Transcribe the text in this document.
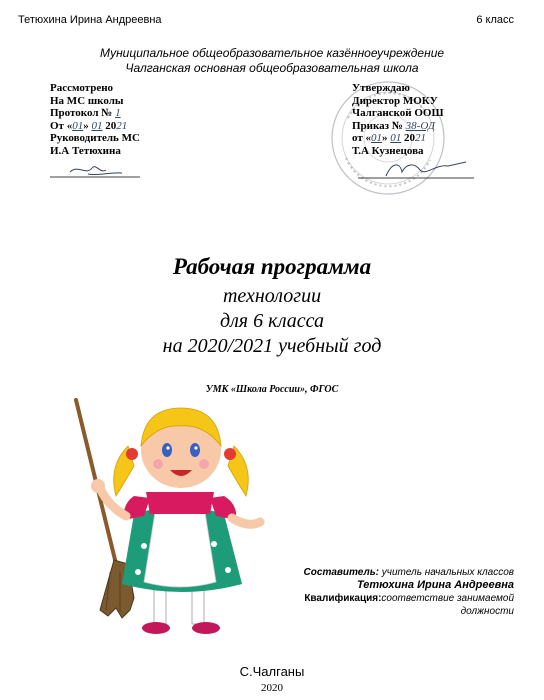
Тетюхина Ирина Андреевна	6 класс
Муниципальное общеобразовательное казённоеучреждение
Чалганская основная общеобразовательная школа
Рассмотрено
На МС школы
Протокол № 1
От «01» 01 2021
Руководитель МС
И.А Тетюхина
Утверждаю
Директор МОКУ
Чалганской ООШ
Приказ № 38-ОД
от «01» 01 2021
Т.А Кузнецова
Рабочая программа
технологии
для 6 класса
на 2020/2021 учебный год
УМК «Школа России», ФГОС
Составитель: учитель начальных классов
Тетюхина Ирина Андреевна
Квалификация:соответствие занимаемой должности
С.Чалганы
2020
